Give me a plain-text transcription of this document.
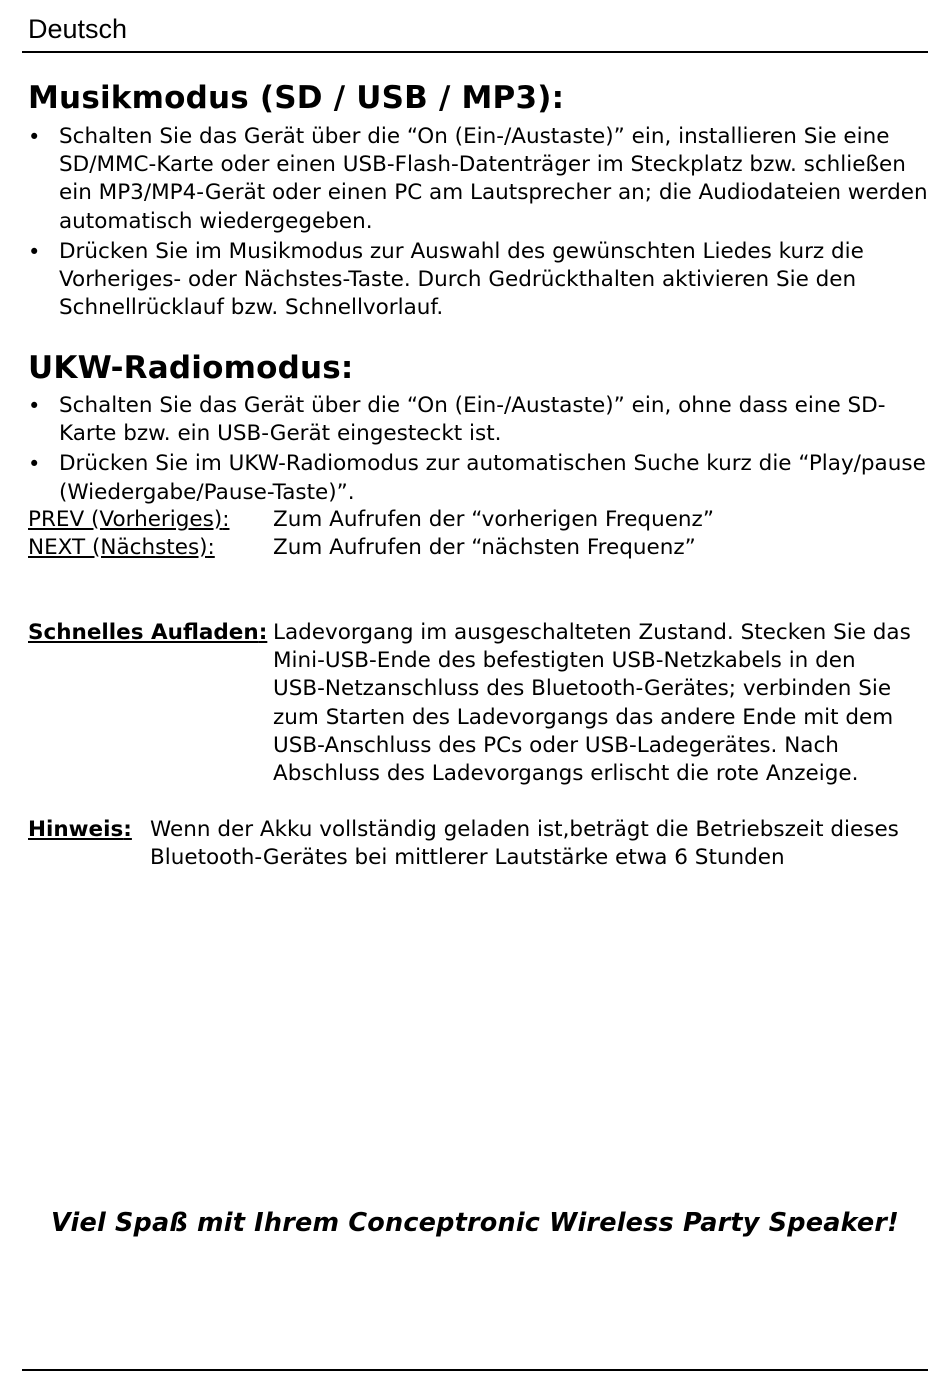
Deutsch
Musikmodus (SD / USB / MP3):
• Schalten Sie das Gerät über die “On (Ein-/Austaste)” ein, installieren Sie eine SD/MMC-Karte oder einen USB-Flash-Datenträger im Steckplatz bzw. schließen ein MP3/MP4-Gerät oder einen PC am Lautsprecher an; die Audiodateien werden automatisch wiedergegeben.
• Drücken Sie im Musikmodus zur Auswahl des gewünschten Liedes kurz die Vorheriges- oder Nächstes-Taste. Durch Gedrückthalten aktivieren Sie den Schnellrücklauf bzw. Schnellvorlauf.
UKW-Radiomodus:
• Schalten Sie das Gerät über die “On (Ein-/Austaste)” ein, ohne dass eine SD-Karte bzw. ein USB-Gerät eingesteckt ist.
• Drücken Sie im UKW-Radiomodus zur automatischen Suche kurz die “Play/pause (Wiedergabe/Pause-Taste)”.
PREV (Vorheriges): Zum Aufrufen der “vorherigen Frequenz”
NEXT (Nächstes):	Zum Aufrufen der “nächsten Frequenz”
Schnelles Aufladen: Ladevorgang im ausgeschalteten Zustand. Stecken Sie das Mini-USB-Ende des befestigten USB-Netzkabels in den USB-Netzanschluss des Bluetooth-Gerätes; verbinden Sie zum Starten des Ladevorgangs das andere Ende mit dem USB-Anschluss des PCs oder USB-Ladegerätes. Nach Abschluss des Ladevorgangs erlischt die rote Anzeige.
Hinweis: Wenn der Akku vollständig geladen ist,beträgt die Betriebszeit dieses Bluetooth-Gerätes bei mittlerer Lautstärke etwa 6 Stunden
Viel Spaß mit Ihrem Conceptronic Wireless Party Speaker!
